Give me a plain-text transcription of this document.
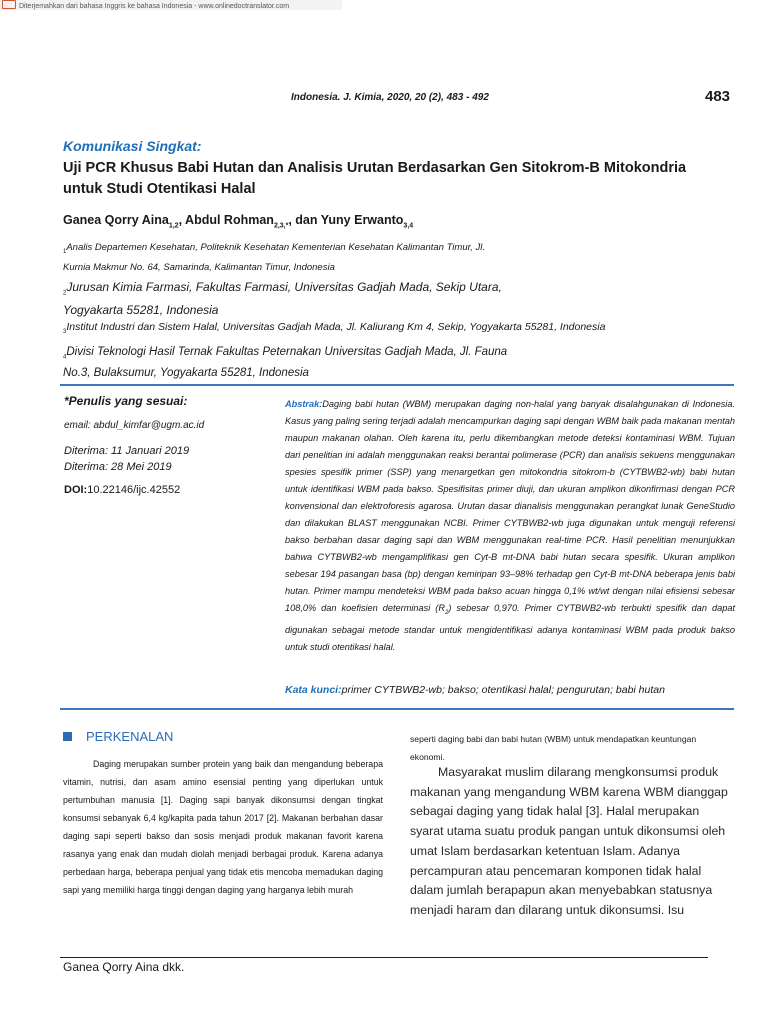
Diterjemahkan dari bahasa Inggris ke bahasa Indonesia - www.onlinedoctranslator.com
Indonesia. J. Kimia, 2020, 20 (2), 483 - 492	483
Komunikasi Singkat:
Uji PCR Khusus Babi Hutan dan Analisis Urutan Berdasarkan Gen Sitokrom-B Mitokondria untuk Studi Otentikasi Halal
Ganea Qorry Aina$_{1,2}$, Abdul Rohman$_{2,3,*}$, dan Yuny Erwanto$_{3,4}$
$_1$Analis Departemen Kesehatan, Politeknik Kesehatan Kementerian Kesehatan Kalimantan Timur, Jl.
Kurnia Makmur No. 64, Samarinda, Kalimantan Timur, Indonesia
$_2$Jurusan Kimia Farmasi, Fakultas Farmasi, Universitas Gadjah Mada, Sekip Utara,
Yogyakarta 55281, Indonesia
$_3$Institut Industri dan Sistem Halal, Universitas Gadjah Mada, Jl. Kaliurang Km 4, Sekip, Yogyakarta 55281, Indonesia
$_4$Divisi Teknologi Hasil Ternak Fakultas Peternakan Universitas Gadjah Mada, Jl. Fauna
No.3, Bulaksumur, Yogyakarta 55281, Indonesia
*Penulis yang sesuai:
email: abdul_kimfar@ugm.ac.id
Diterima: 11 Januari 2019
Diterima: 28 Mei 2019
DOI:10.22146/ijc.42552
Abstrak:Daging babi hutan (WBM) merupakan daging non-halal yang banyak disalahgunakan di Indonesia. Kasus yang paling sering terjadi adalah mencampurkan daging sapi dengan WBM baik pada makanan mentah maupun makanan olahan. Oleh karena itu, perlu dikembangkan metode deteksi kontaminasi WBM. Tujuan dari penelitian ini adalah menggunakan reaksi berantai polimerase (PCR) dan analisis sekuens menggunakan spesies spesifik primer (SSP) yang menargetkan gen mitokondria sitokrom-b (CYTBWB2-wb) babi hutan untuk identifikasi WBM pada bakso. Spesifisitas primer diuji, dan ukuran amplikon dikonfirmasi dengan PCR konvensional dan elektroforesis agarosa. Urutan dasar dianalisis menggunakan perangkat lunak GeneStudio dan dilakukan BLAST menggunakan NCBI. Primer CYTBWB2-wb juga digunakan untuk menguji referensi bakso berbahan dasar daging sapi dan WBM menggunakan real-time PCR. Hasil penelitian menunjukkan bahwa CYTBWB2-wb mengamplifikasi gen Cyt-B mt-DNA babi hutan secara spesifik. Ukuran amplikon sebesar 194 pasangan basa (bp) dengan kemiripan 93–98% terhadap gen Cyt-B mt-DNA beberapa jenis babi hutan. Primer mampu mendeteksi WBM pada bakso acuan hingga 0,1% wt/wt dengan nilai efisiensi sebesar 108,0% dan koefisien determinasi $(R_2)$ sebesar 0,970. Primer CYTBWB2-wb terbukti spesifik dan dapat digunakan sebagai metode standar untuk mengidentifikasi adanya kontaminasi WBM pada produk bakso untuk studi otentikasi halal.
Kata kunci:primer CYTBWB2-wb; bakso; otentikasi halal; pengurutan; babi hutan
PERKENALAN

Daging merupakan sumber protein yang baik dan mengandung beberapa vitamin, nutrisi, dan asam amino esensial penting yang diperlukan untuk pertumbuhan manusia [1]. Daging sapi banyak dikonsumsi dengan tingkat konsumsi sebanyak 6,4 kg/kapita pada tahun 2017 [2]. Makanan berbahan dasar daging sapi seperti bakso dan sosis menjadi produk makanan favorit karena rasanya yang enak dan mudah diolah menjadi berbagai produk. Karena adanya perbedaan harga, beberapa penjual yang tidak etis mencoba memadukan daging sapi yang memiliki harga tinggi dengan daging yang harganya lebih murah

seperti daging babi dan babi hutan (WBM) untuk mendapatkan keuntungan ekonomi.

Masyarakat muslim dilarang mengkonsumsi produk makanan yang mengandung WBM karena WBM dianggap sebagai daging yang tidak halal [3]. Halal merupakan syarat utama suatu produk pangan untuk dikonsumsi oleh umat Islam berdasarkan ketentuan Islam. Adanya percampuran atau pencemaran komponen tidak halal dalam jumlah berapapun akan menyebabkan statusnya menjadi haram dan dilarang untuk dikonsumsi. Isu

Ganea Qorry Aina dkk.
